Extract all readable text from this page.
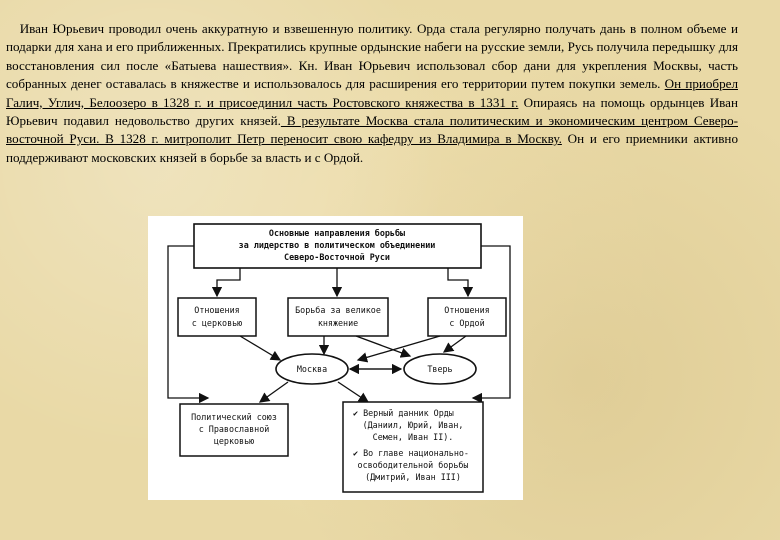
Иван Юрьевич проводил очень аккуратную и взвешенную политику. Орда стала регулярно получать дань в полном объеме и подарки для хана и его приближенных. Прекратились крупные ордынские набеги на русские земли, Русь получила передышку для восстановления сил после «Батыева нашествия». Кн. Иван Юрьевич использовал сбор дани для укрепления Москвы, часть собранных денег оставалась в княжестве и использовалось для расширения его территории путем покупки земель. Он приобрел Галич, Углич, Белоозеро в 1328 г. и присоединил часть Ростовского княжества в 1331 г. Опираясь на помощь ордынцев Иван Юрьевич подавил недовольство других князей. В результате Москва стала политическим и экономическим центром Северо-восточной Руси. В 1328 г. митрополит Петр переносит свою кафедру из Владимира в Москву. Он и его приемники активно поддерживают московских князей в борьбе за власть и с Ордой.
Основные направления борьбы
за лидерство в политическом объединении
Северо-Восточной Руси
Отношения
с церковью
Борьба за великое
княжение
Отношения
с Ордой
Москва	Тверь
Политический союз
с Православной
церковью
✔ Верный данник Орды
(Даниил, Юрий, Иван,
Семен, Иван II).
✔ Во главе национально-
освободительной борьбы
(Дмитрий, Иван III)
